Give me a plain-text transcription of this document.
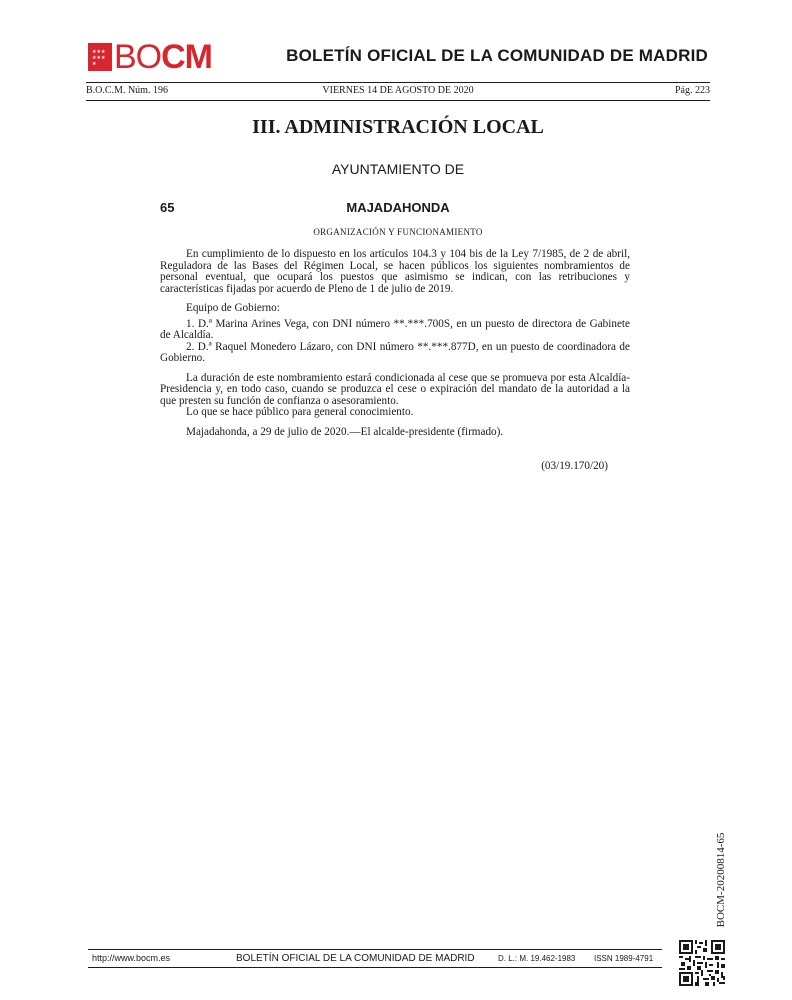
★★★
★★★
★ BOCM	BOLETÍN OFICIAL DE LA COMUNIDAD DE MADRID
B.O.C.M. Núm. 196	VIERNES 14 DE AGOSTO DE 2020	Pág. 223
III. ADMINISTRACIÓN LOCAL
AYUNTAMIENTO DE
65	MAJADAHONDA
ORGANIZACIÓN Y FUNCIONAMIENTO

En cumplimiento de lo dispuesto en los artículos 104.3 y 104 bis de la Ley 7/1985, de 2 de abril, Reguladora de las Bases del Régimen Local, se hacen públicos los siguientes nombramientos de personal eventual, que ocupará los puestos que asimismo se indican, con las retribuciones y características fijadas por acuerdo de Pleno de 1 de julio de 2019.

Equipo de Gobierno:

1. D.ª Marina Arines Vega, con DNI número **.***.700S, en un puesto de directora de Gabinete de Alcaldía.

2. D.ª Raquel Monedero Lázaro, con DNI número **.***.877D, en un puesto de coordinadora de Gobierno.

La duración de este nombramiento estará condicionada al cese que se promueva por esta Alcaldía-Presidencia y, en todo caso, cuando se produzca el cese o expiración del mandato de la autoridad a la que presten su función de confianza o asesoramiento.

Lo que se hace público para general conocimiento.

Majadahonda, a 29 de julio de 2020.—El alcalde-presidente (firmado).

(03/19.170/20)
BOCM-20200814-65
http://www.bocm.es	BOLETÍN OFICIAL DE LA COMUNIDAD DE MADRID	D. L.: M. 19.462-1983 ISSN 1989-4791
